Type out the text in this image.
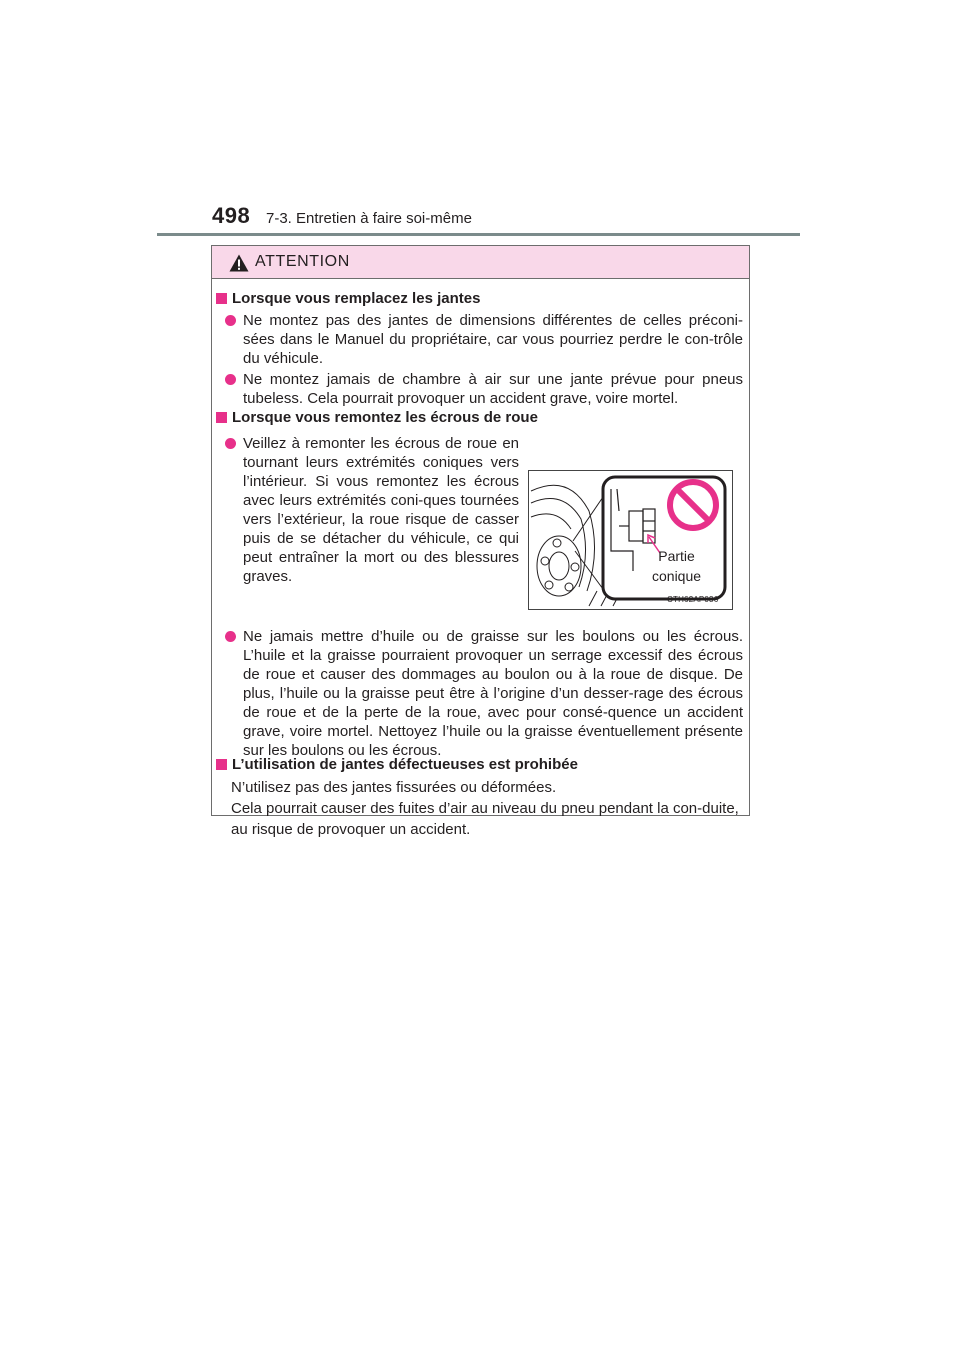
498 7-3. Entretien à faire soi-même
ATTENTION
Lorsque vous remplacez les jantes
Ne montez pas des jantes de dimensions différentes de celles préconi-sées dans le Manuel du propriétaire, car vous pourriez perdre le con-trôle du véhicule.
Ne montez jamais de chambre à air sur une jante prévue pour pneus tubeless. Cela pourrait provoquer un accident grave, voire mortel.
Lorsque vous remontez les écrous de roue
Veillez à remonter les écrous de roue en tournant leurs extrémités coniques vers l’intérieur. Si vous remontez les écrous avec leurs extrémités coni-ques tournées vers l’extérieur, la roue risque de casser puis de se détacher du véhicule, ce qui peut entraîner la mort ou des blessures graves.
Partie
conique
CTH62AP036
Ne jamais mettre d’huile ou de graisse sur les boulons ou les écrous. L’huile et la graisse pourraient provoquer un serrage excessif des écrous de roue et causer des dommages au boulon ou à la roue de disque. De plus, l’huile ou la graisse peut être à l’origine d’un desser-rage des écrous de roue et de la perte de la roue, avec pour consé-quence un accident grave, voire mortel. Nettoyez l’huile ou la graisse éventuellement présente sur les boulons ou les écrous.
L’utilisation de jantes défectueuses est prohibée
N’utilisez pas des jantes fissurées ou déformées.
Cela pourrait causer des fuites d’air au niveau du pneu pendant la con-duite, au risque de provoquer un accident.
